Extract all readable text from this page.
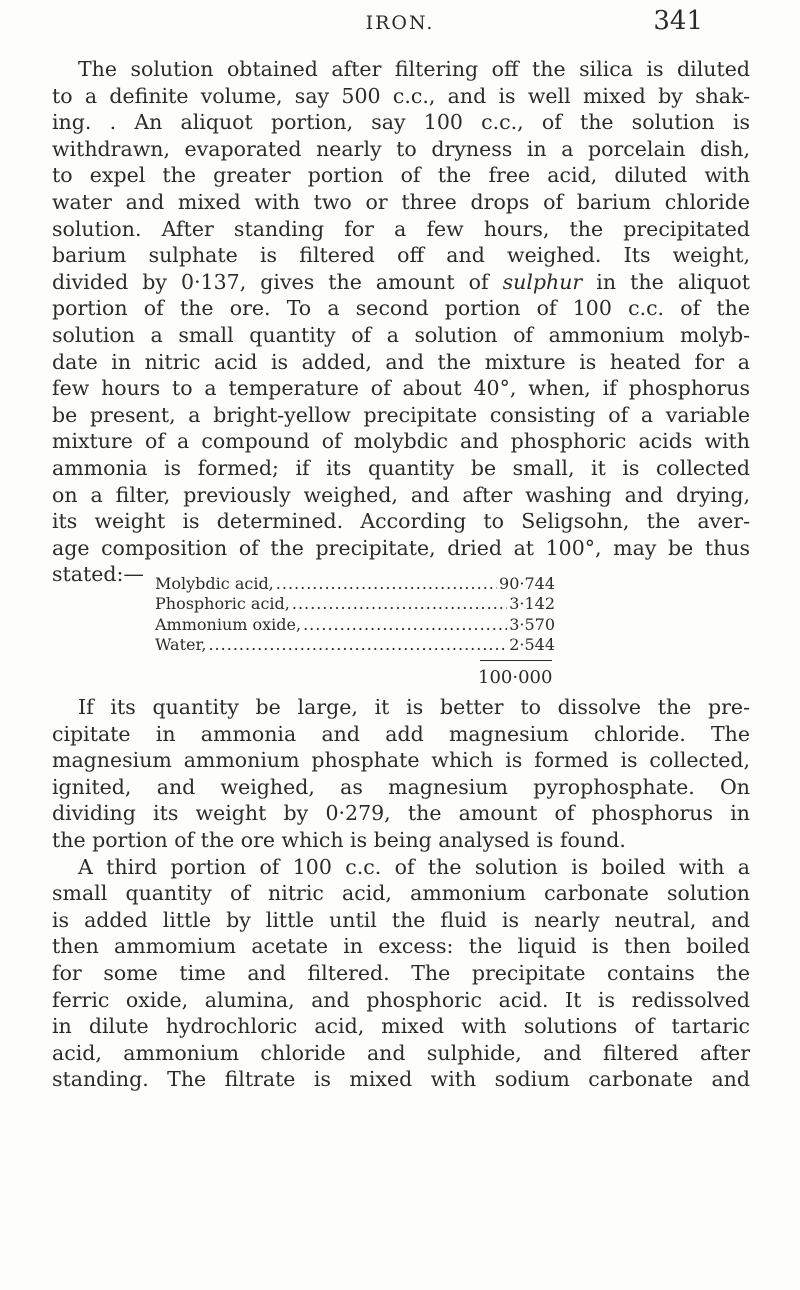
IRON.	341
The solution obtained after filtering off the silica is diluted
to a definite volume, say 500 c.c., and is well mixed by shak-
ing. . An aliquot portion, say 100 c.c., of the solution is
withdrawn, evaporated nearly to dryness in a porcelain dish,
to expel the greater portion of the free acid, diluted with
water and mixed with two or three drops of barium chloride
solution. After standing for a few hours, the precipitated
barium sulphate is filtered off and weighed. Its weight,
divided by 0·137, gives the amount of sulphur in the aliquot
portion of the ore. To a second portion of 100 c.c. of the
solution a small quantity of a solution of ammonium molyb-
date in nitric acid is added, and the mixture is heated for a
few hours to a temperature of about 40°, when, if phosphorus
be present, a bright-yellow precipitate consisting of a variable
mixture of a compound of molybdic and phosphoric acids with
ammonia is formed; if its quantity be small, it is collected
on a filter, previously weighed, and after washing and drying,
its weight is determined. According to Seligsohn, the aver-
age composition of the precipitate, dried at 100°, may be thus
stated:— Molybdic acid, .....	90·744
Phosphoric acid, .....	3·142
Ammonium oxide, .....	3·570
Water, .....	2·544
100·000
If its quantity be large, it is better to dissolve the pre-
cipitate in ammonia and add magnesium chloride. The
magnesium ammonium phosphate which is formed is collected,
ignited, and weighed, as magnesium pyrophosphate. On
dividing its weight by 0·279, the amount of phosphorus in
the portion of the ore which is being analysed is found.
A third portion of 100 c.c. of the solution is boiled with a
small quantity of nitric acid, ammonium carbonate solution
is added little by little until the fluid is nearly neutral, and
then ammomium acetate in excess: the liquid is then boiled
for some time and filtered. The precipitate contains the
ferric oxide, alumina, and phosphoric acid. It is redissolved
in dilute hydrochloric acid, mixed with solutions of tartaric
acid, ammonium chloride and sulphide, and filtered after
standing. The filtrate is mixed with sodium carbonate and
